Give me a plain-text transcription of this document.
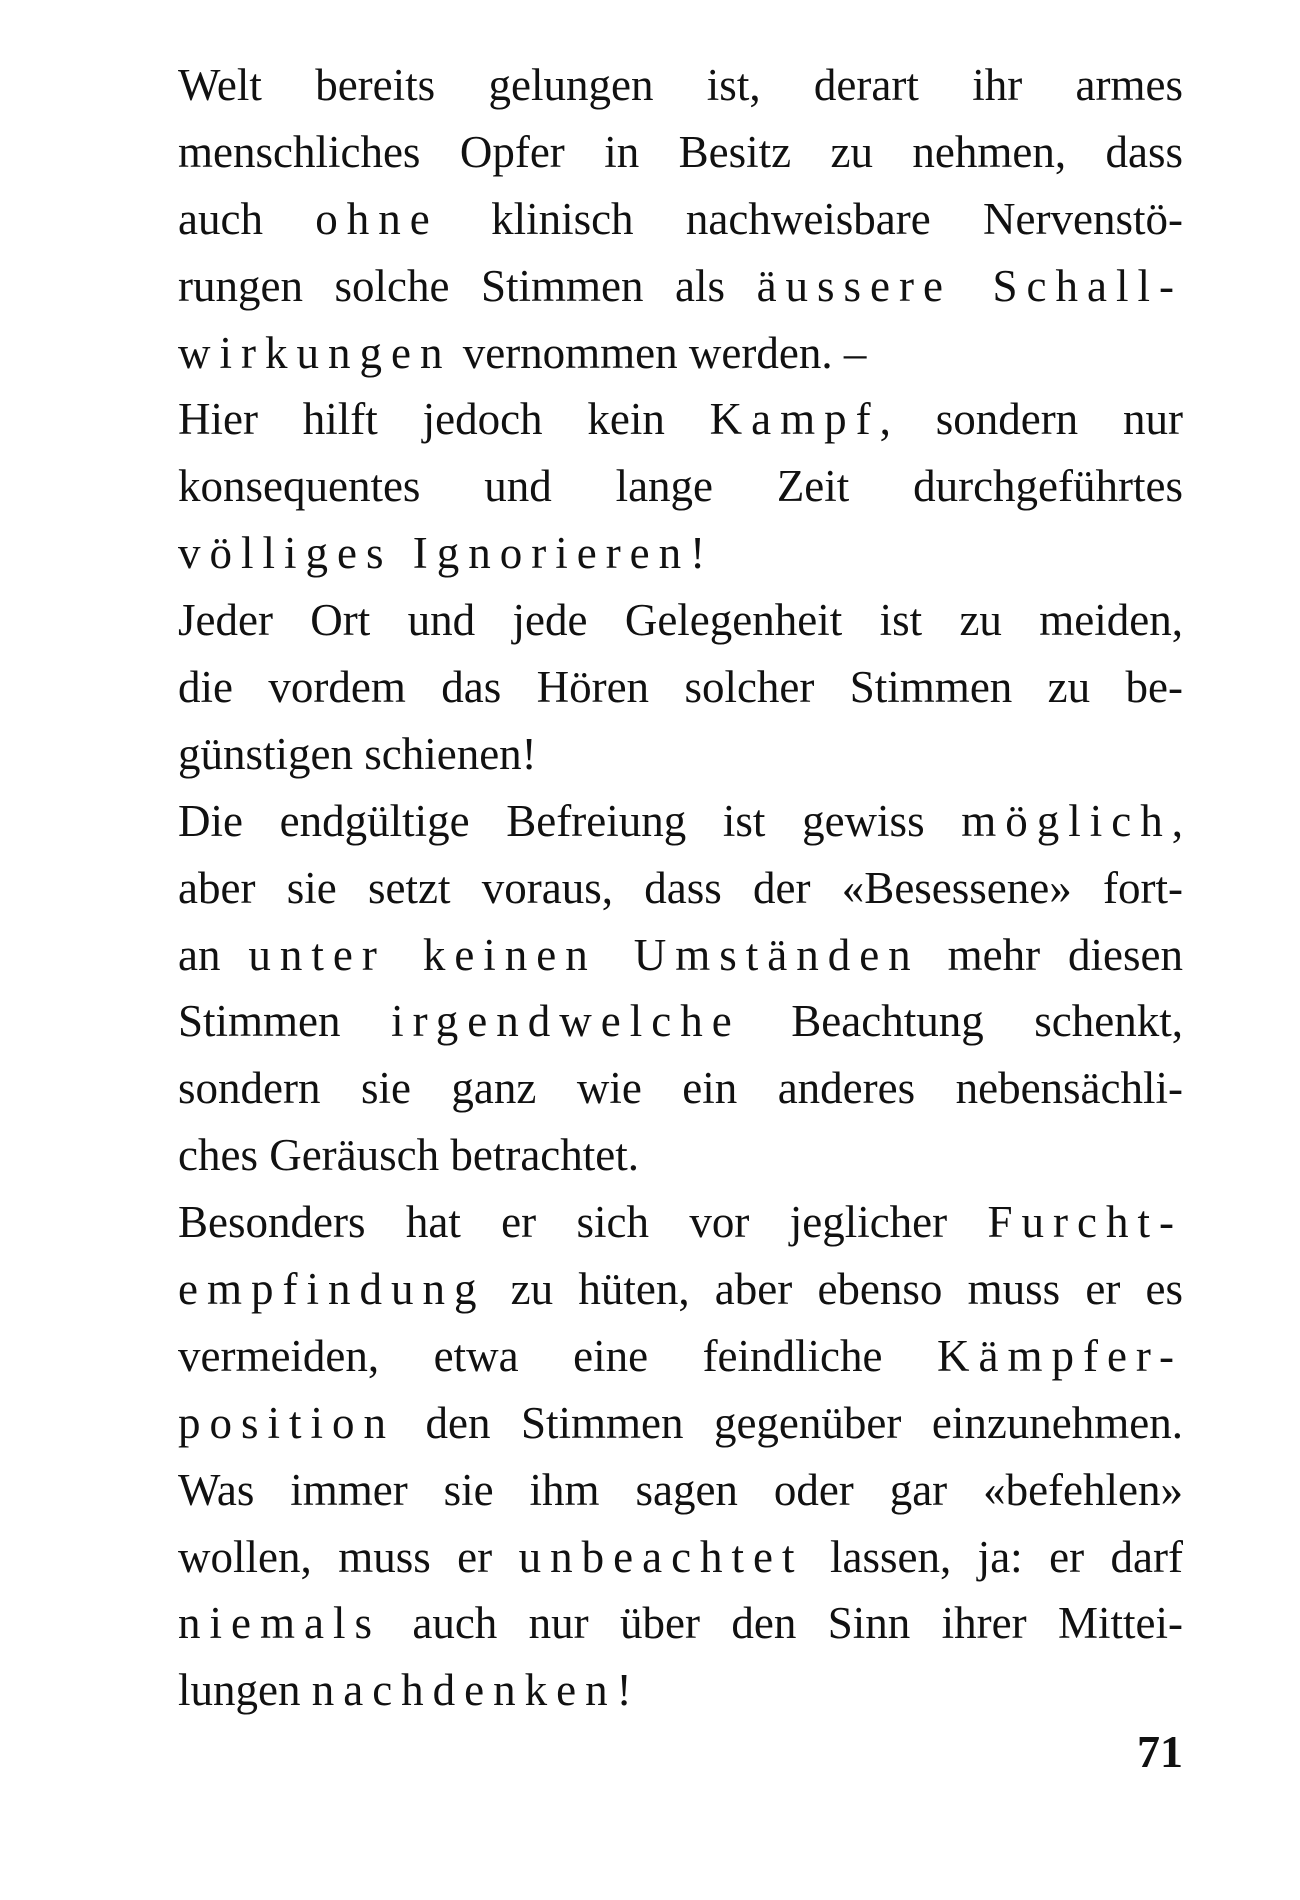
Welt bereits gelungen ist, derart ihr armes
menschliches Opfer in Besitz zu nehmen, dass
auch ohne klinisch nachweisbare Nervenstö-
rungen solche Stimmen als äussere Schall-
wirkungen vernommen werden. –
Hier hilft jedoch kein Kampf, sondern nur
konsequentes und lange Zeit durchgeführtes
völliges Ignorieren!
Jeder Ort und jede Gelegenheit ist zu meiden,
die vordem das Hören solcher Stimmen zu be-
günstigen schienen!
Die endgültige Befreiung ist gewiss möglich,
aber sie setzt voraus, dass der «Besessene» fort-
an unter keinen Umständen mehr diesen
Stimmen irgendwelche Beachtung schenkt,
sondern sie ganz wie ein anderes nebensächli-
ches Geräusch betrachtet.
Besonders hat er sich vor jeglicher Furcht-
empfindung zu hüten, aber ebenso muss er es
vermeiden, etwa eine feindliche Kämpfer-
position den Stimmen gegenüber einzunehmen.
Was immer sie ihm sagen oder gar «befehlen»
wollen, muss er unbeachtet lassen, ja: er darf
niemals auch nur über den Sinn ihrer Mittei-
lungen nachdenken!
71
